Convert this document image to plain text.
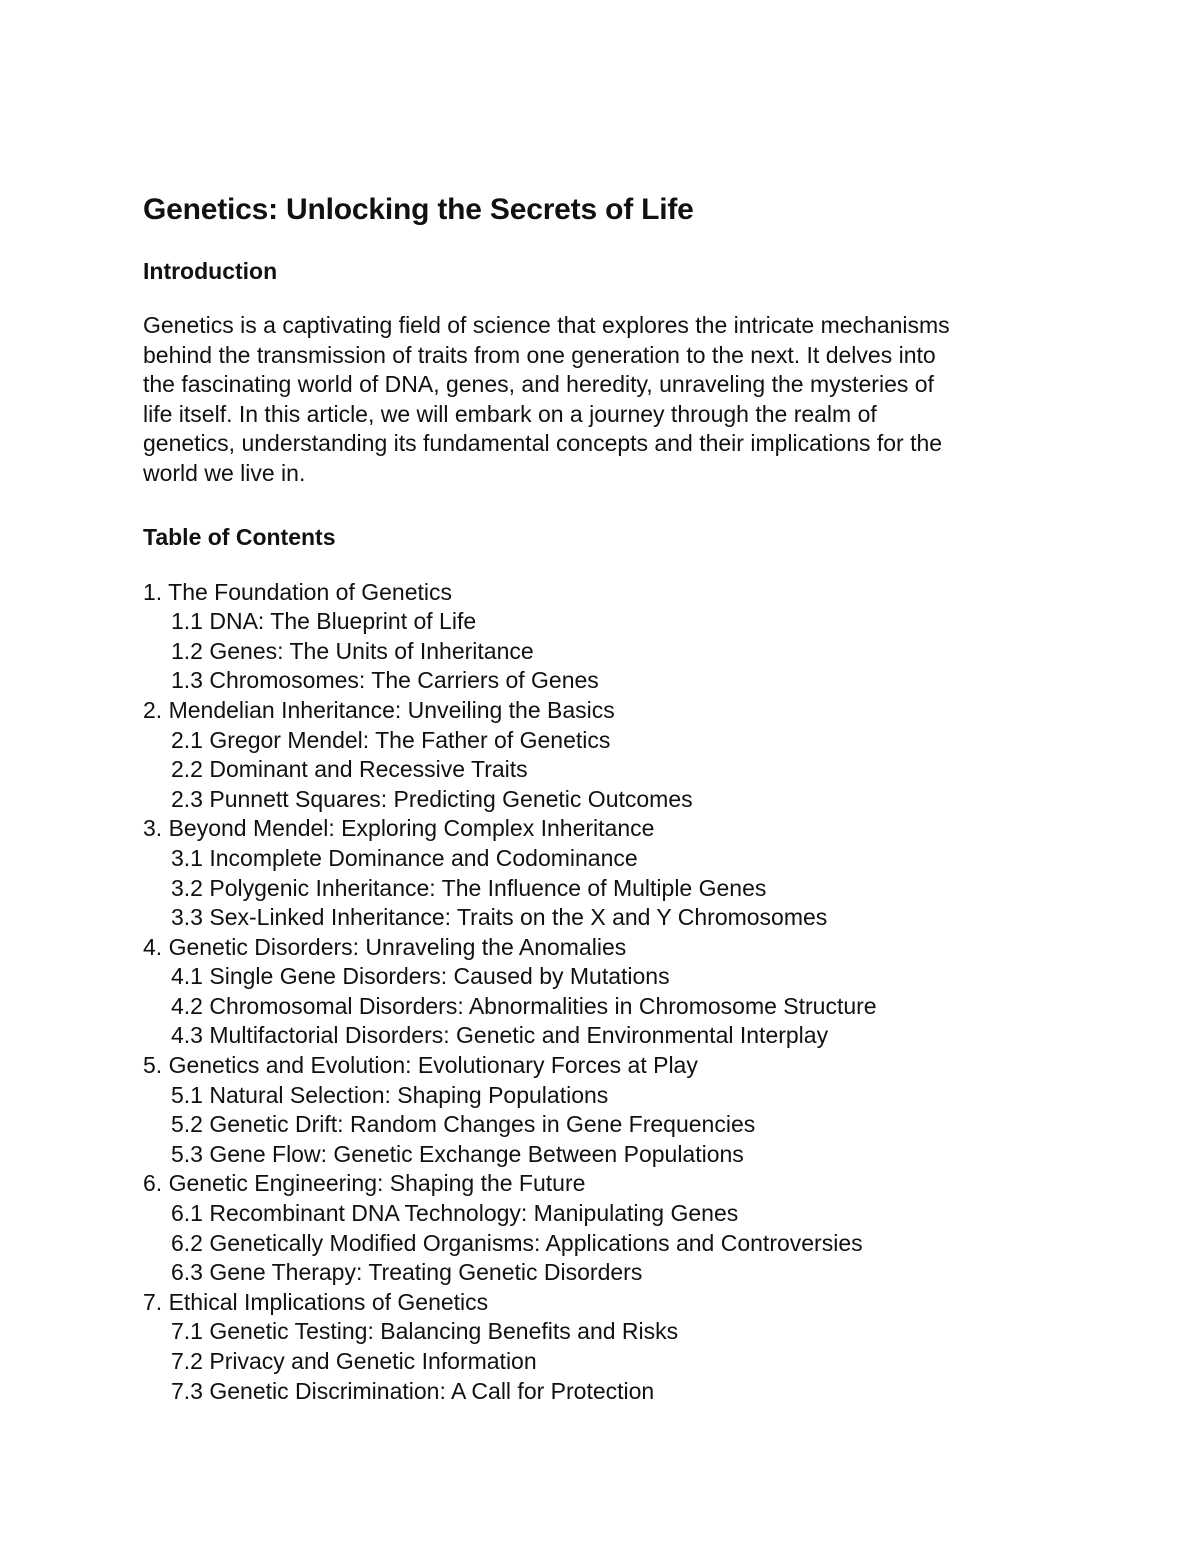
Genetics: Unlocking the Secrets of Life
Introduction

Genetics is a captivating field of science that explores the intricate mechanisms
behind the transmission of traits from one generation to the next. It delves into
the fascinating world of DNA, genes, and heredity, unraveling the mysteries of
life itself. In this article, we will embark on a journey through the realm of
genetics, understanding its fundamental concepts and their implications for the
world we live in.

Table of Contents
1. The Foundation of Genetics
1.1 DNA: The Blueprint of Life
1.2 Genes: The Units of Inheritance
1.3 Chromosomes: The Carriers of Genes
2. Mendelian Inheritance: Unveiling the Basics
2.1 Gregor Mendel: The Father of Genetics
2.2 Dominant and Recessive Traits
2.3 Punnett Squares: Predicting Genetic Outcomes
3. Beyond Mendel: Exploring Complex Inheritance
3.1 Incomplete Dominance and Codominance
3.2 Polygenic Inheritance: The Influence of Multiple Genes
3.3 Sex-Linked Inheritance: Traits on the X and Y Chromosomes
4. Genetic Disorders: Unraveling the Anomalies
4.1 Single Gene Disorders: Caused by Mutations
4.2 Chromosomal Disorders: Abnormalities in Chromosome Structure
4.3 Multifactorial Disorders: Genetic and Environmental Interplay
5. Genetics and Evolution: Evolutionary Forces at Play
5.1 Natural Selection: Shaping Populations
5.2 Genetic Drift: Random Changes in Gene Frequencies
5.3 Gene Flow: Genetic Exchange Between Populations
6. Genetic Engineering: Shaping the Future
6.1 Recombinant DNA Technology: Manipulating Genes
6.2 Genetically Modified Organisms: Applications and Controversies
6.3 Gene Therapy: Treating Genetic Disorders
7. Ethical Implications of Genetics
7.1 Genetic Testing: Balancing Benefits and Risks
7.2 Privacy and Genetic Information
7.3 Genetic Discrimination: A Call for Protection
